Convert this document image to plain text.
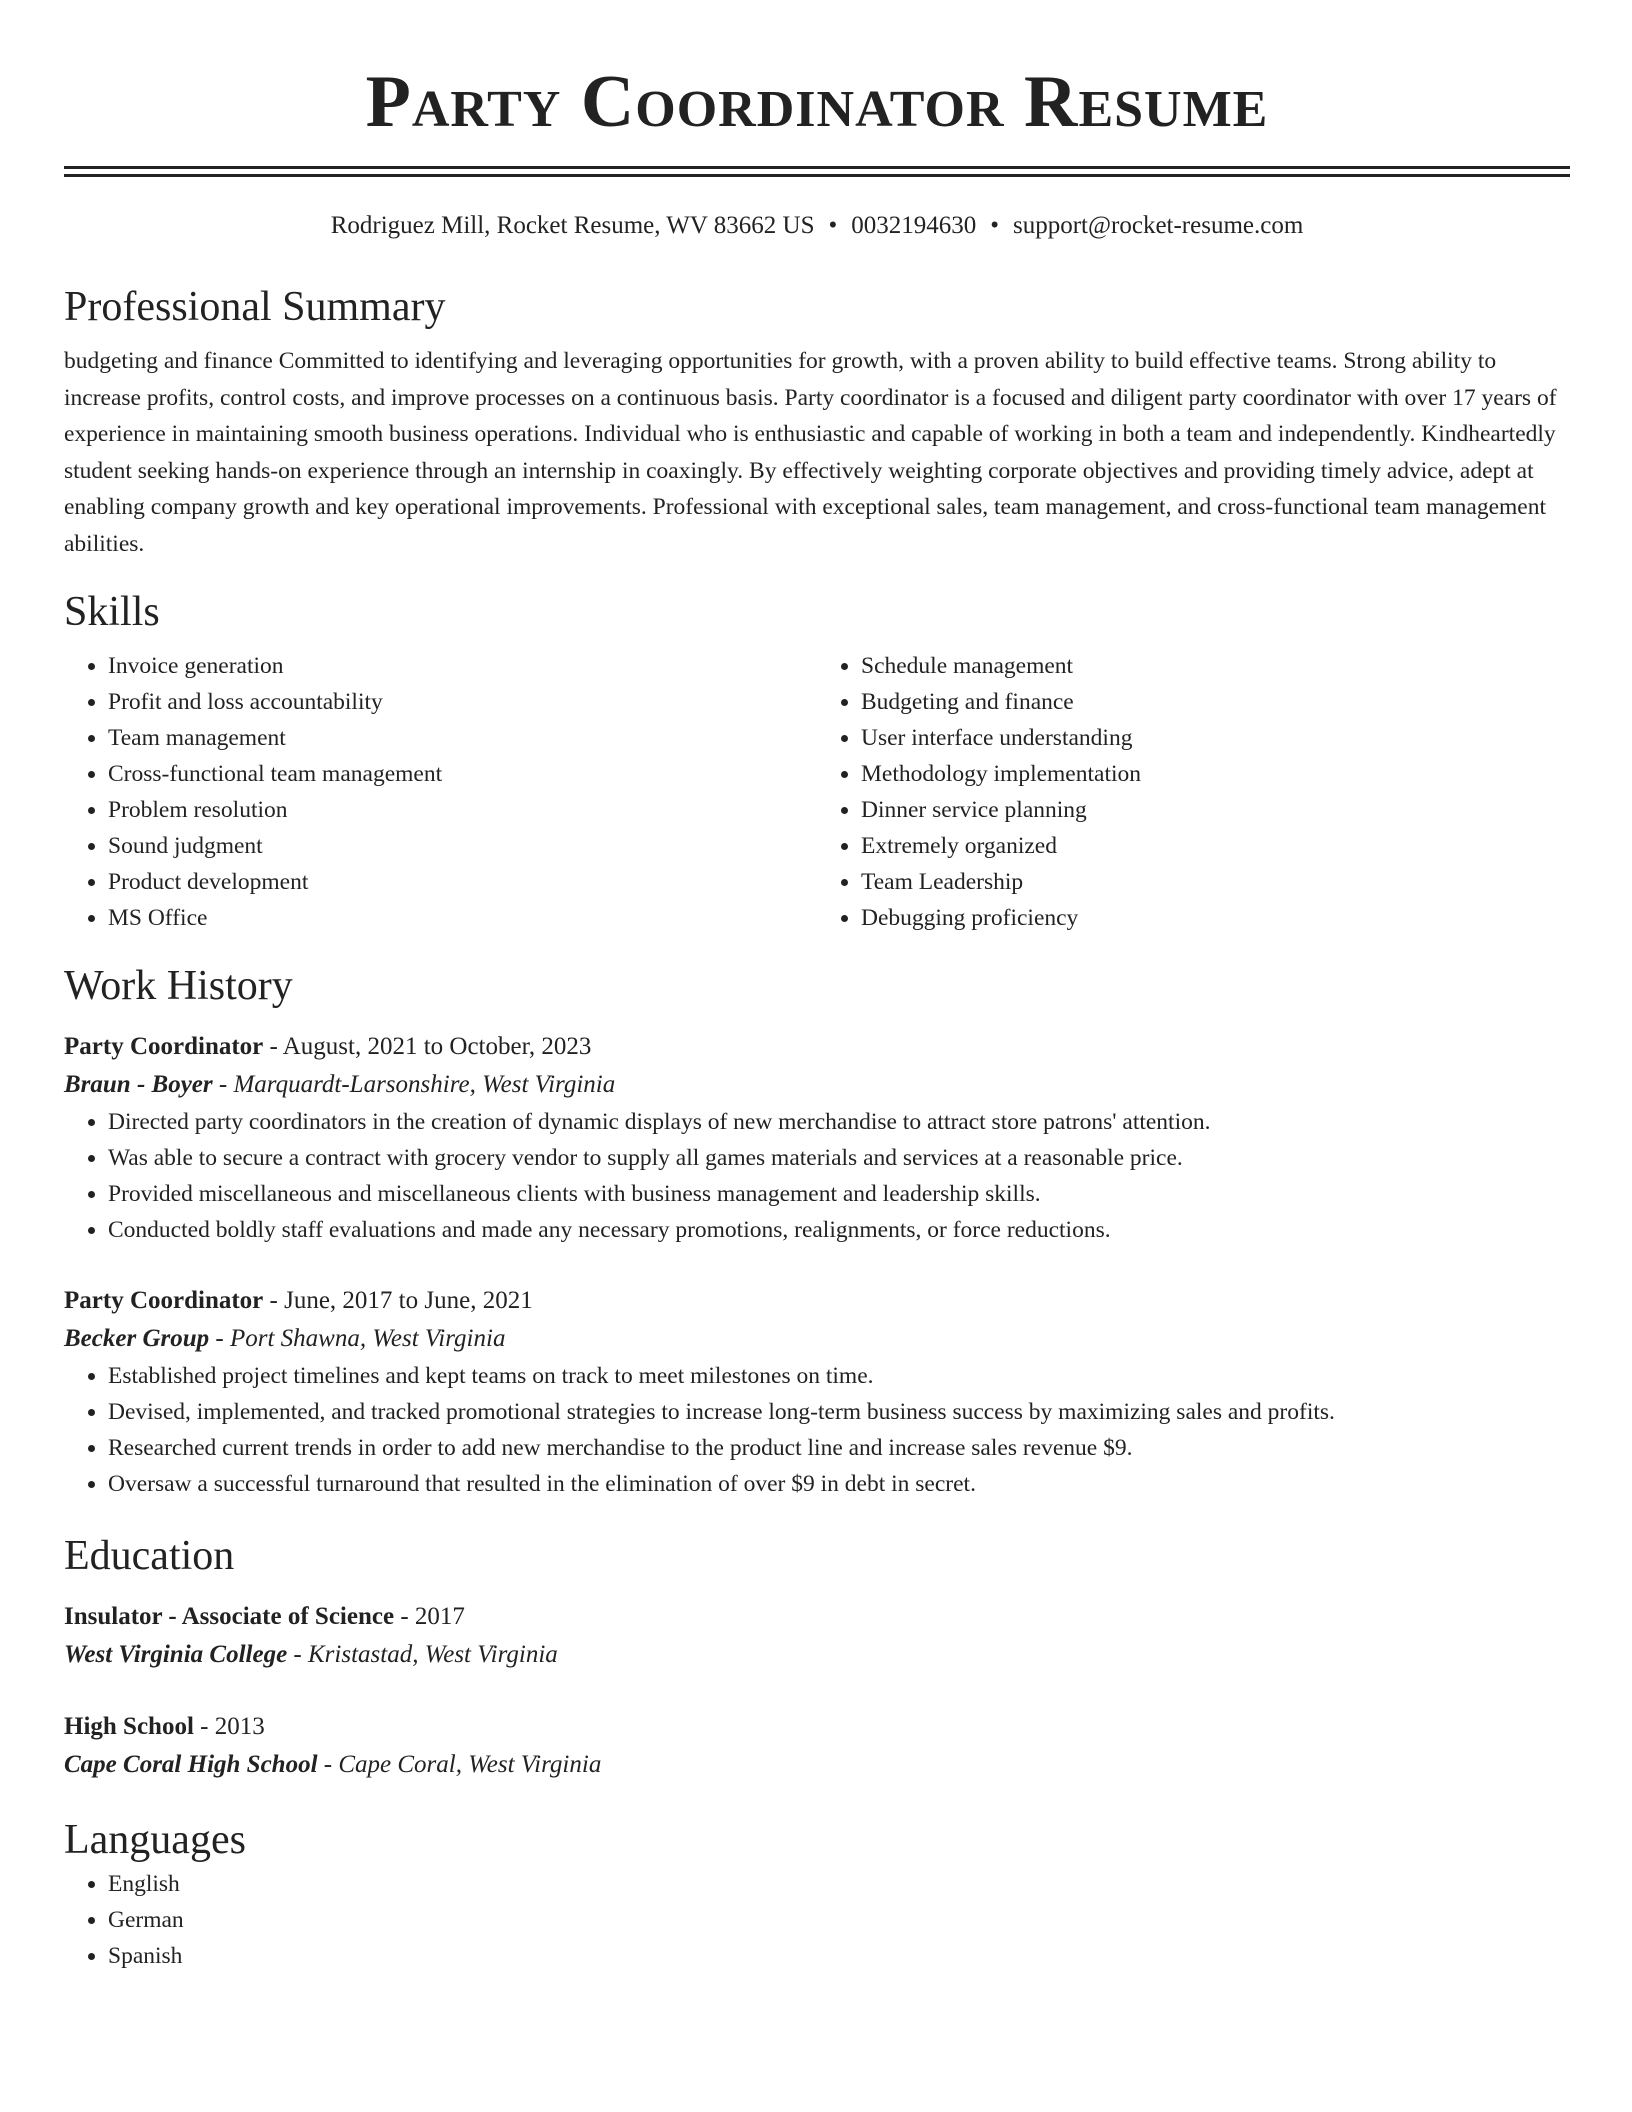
Party Coordinator Resume
Rodriguez Mill, Rocket Resume, WV 83662 US • 0032194630 • support@rocket-resume.com
Professional Summary
budgeting and finance Committed to identifying and leveraging opportunities for growth, with a proven ability to build effective teams. Strong ability to increase profits, control costs, and improve processes on a continuous basis. Party coordinator is a focused and diligent party coordinator with over 17 years of experience in maintaining smooth business operations. Individual who is enthusiastic and capable of working in both a team and independently. Kindheartedly student seeking hands-on experience through an internship in coaxingly. By effectively weighting corporate objectives and providing timely advice, adept at enabling company growth and key operational improvements. Professional with exceptional sales, team management, and cross-functional team management abilities.
Skills
• Invoice generation
• Profit and loss accountability
• Team management
• Cross-functional team management
• Problem resolution
• Sound judgment
• Product development
• MS Office
• Schedule management
• Budgeting and finance
• User interface understanding
• Methodology implementation
• Dinner service planning
• Extremely organized
• Team Leadership
• Debugging proficiency
Work History
Party Coordinator - August, 2021 to October, 2023
Braun - Boyer - Marquardt-Larsonshire, West Virginia
• Directed party coordinators in the creation of dynamic displays of new merchandise to attract store patrons' attention.
• Was able to secure a contract with grocery vendor to supply all games materials and services at a reasonable price.
• Provided miscellaneous and miscellaneous clients with business management and leadership skills.
• Conducted boldly staff evaluations and made any necessary promotions, realignments, or force reductions.
Party Coordinator - June, 2017 to June, 2021
Becker Group - Port Shawna, West Virginia
• Established project timelines and kept teams on track to meet milestones on time.
• Devised, implemented, and tracked promotional strategies to increase long-term business success by maximizing sales and profits.
• Researched current trends in order to add new merchandise to the product line and increase sales revenue $9.
• Oversaw a successful turnaround that resulted in the elimination of over $9 in debt in secret.
Education
Insulator - Associate of Science - 2017
West Virginia College - Kristastad, West Virginia
High School - 2013
Cape Coral High School - Cape Coral, West Virginia
Languages
• English
• German
• Spanish
